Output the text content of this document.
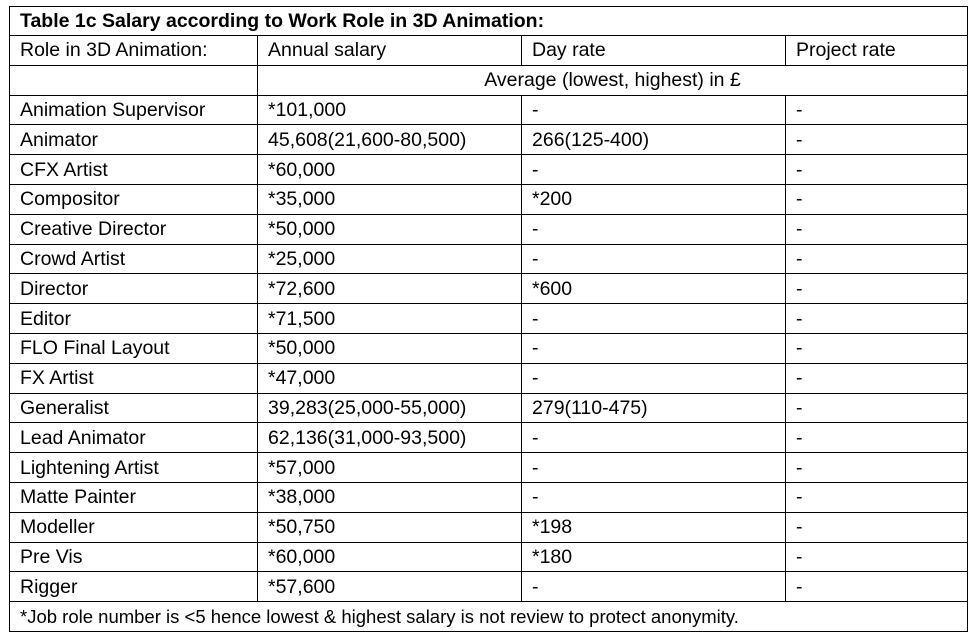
Table 1c Salary according to Work Role in 3D Animation:			
Role in 3D Animation:	Annual salary	Day rate	Project rate
	Average (lowest, highest) in £		
Animation Supervisor	*101,000	-	-
Animator	45,608(21,600-80,500)	266(125-400)	-
CFX Artist	*60,000	-	-
Compositor	*35,000	*200	-
Creative Director	*50,000	-	-
Crowd Artist	*25,000	-	-
Director	*72,600	*600	-
Editor	*71,500	-	-
FLO Final Layout	*50,000	-	-
FX Artist	*47,000	-	-
Generalist	39,283(25,000-55,000)	279(110-475)	-
Lead Animator	62,136(31,000-93,500)	-	-
Lightening Artist	*57,000	-	-
Matte Painter	*38,000	-	-
Modeller	*50,750	*198	-
Pre Vis	*60,000	*180	-
Rigger	*57,600	-	-
*Job role number is <5 hence lowest & highest salary is not review to protect anonymity.			
